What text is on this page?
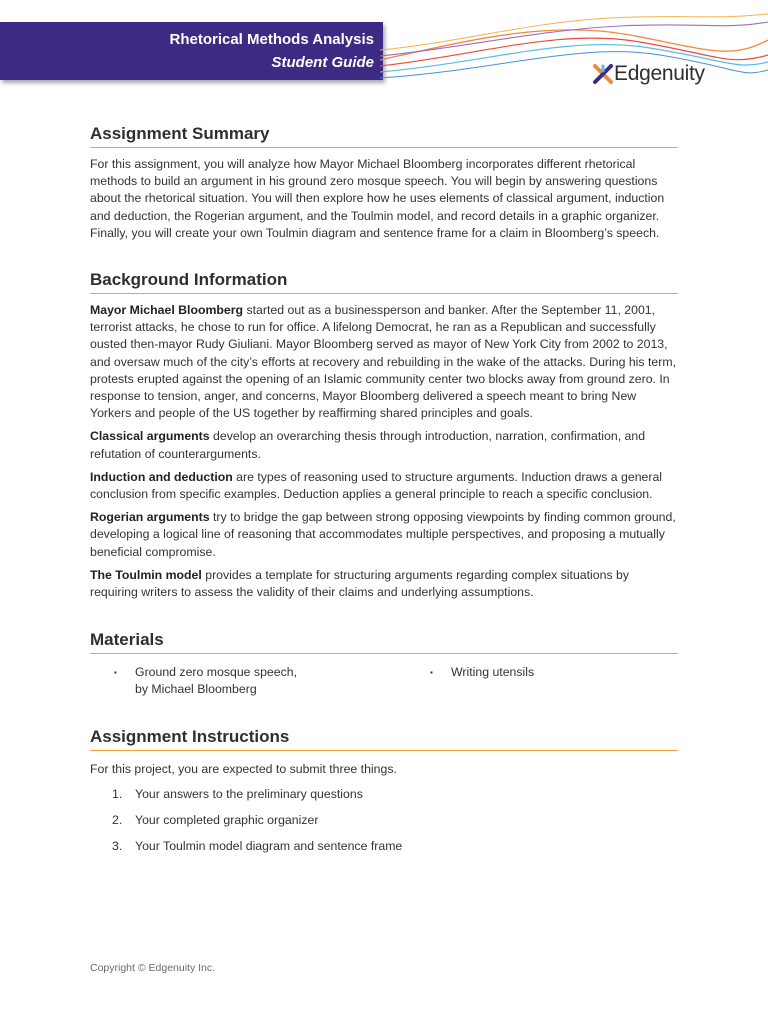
Rhetorical Methods Analysis
Student Guide	Edgenuity
Assignment Summary

For this assignment, you will analyze how Mayor Michael Bloomberg incorporates different rhetorical methods to build an argument in his ground zero mosque speech. You will begin by answering questions about the rhetorical situation. You will then explore how he uses elements of classical argument, induction and deduction, the Rogerian argument, and the Toulmin model, and record details in a graphic organizer. Finally, you will create your own Toulmin diagram and sentence frame for a claim in Bloomberg’s speech.

Background Information

Mayor Michael Bloomberg started out as a businessperson and banker. After the September 11, 2001, terrorist attacks, he chose to run for office. A lifelong Democrat, he ran as a Republican and successfully ousted then-mayor Rudy Giuliani. Mayor Bloomberg served as mayor of New York City from 2002 to 2013, and oversaw much of the city’s efforts at recovery and rebuilding in the wake of the attacks. During his term, protests erupted against the opening of an Islamic community center two blocks away from ground zero. In response to tension, anger, and concerns, Mayor Bloomberg delivered a speech meant to bring New Yorkers and people of the US together by reaffirming shared principles and goals.

Classical arguments develop an overarching thesis through introduction, narration, confirmation, and refutation of counterarguments.

Induction and deduction are types of reasoning used to structure arguments. Induction draws a general conclusion from specific examples. Deduction applies a general principle to reach a specific conclusion.

Rogerian arguments try to bridge the gap between strong opposing viewpoints by finding common ground, developing a logical line of reasoning that accommodates multiple perspectives, and proposing a mutually beneficial compromise.

The Toulmin model provides a template for structuring arguments regarding complex situations by requiring writers to assess the validity of their claims and underlying assumptions.

Materials
▪ Ground zero mosque speech,
by Michael Bloomberg
▪ Writing utensils
Assignment Instructions

For this project, you are expected to submit three things.

1. Your answers to the preliminary questions
2. Your completed graphic organizer
3. Your Toulmin model diagram and sentence frame
Copyright © Edgenuity Inc.
